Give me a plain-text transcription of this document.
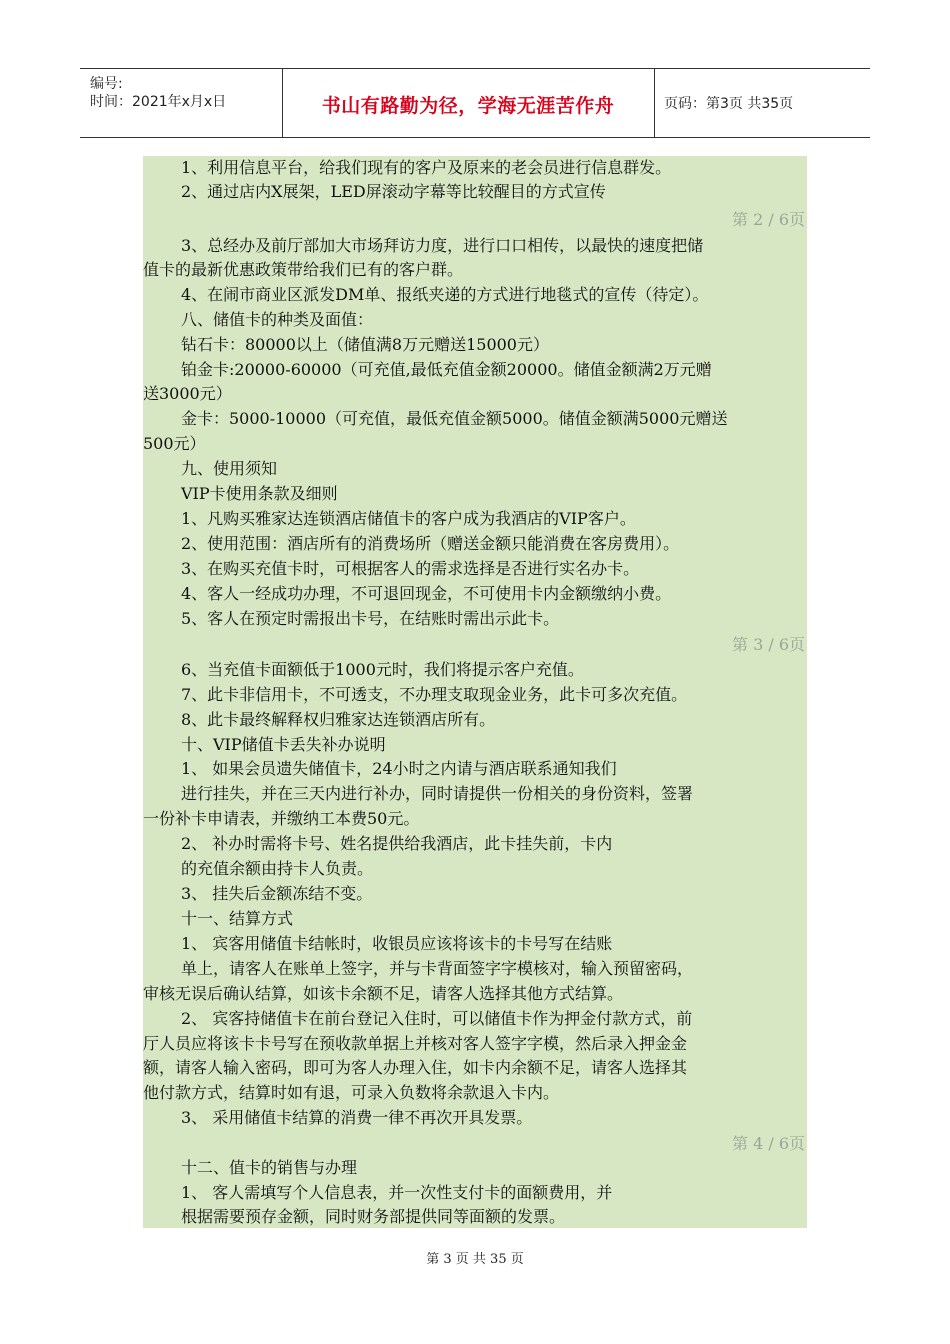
编号:
时间：2021年x月x日	书山有路勤为径，学海无涯苦作舟	页码：第3页 共35页
1、利用信息平台，给我们现有的客户及原来的老会员进行信息群发。
2、通过店内X展架，LED屏滚动字幕等比较醒目的方式宣传
第 2 / 6页
3、总经办及前厅部加大市场拜访力度，进行口口相传，以最快的速度把储
值卡的最新优惠政策带给我们已有的客户群。
4、在闹市商业区派发DM单、报纸夹递的方式进行地毯式的宣传（待定）。
八、储值卡的种类及面值：
钻石卡：80000以上（储值满8万元赠送15000元）
铂金卡:20000-60000（可充值,最低充值金额20000。储值金额满2万元赠
送3000元）
金卡：5000-10000（可充值，最低充值金额5000。储值金额满5000元赠送
500元）
九、使用须知
VIP卡使用条款及细则
1、凡购买雅家达连锁酒店储值卡的客户成为我酒店的VIP客户。
2、使用范围：酒店所有的消费场所（赠送金额只能消费在客房费用）。
3、在购买充值卡时，可根据客人的需求选择是否进行实名办卡。
4、客人一经成功办理，不可退回现金，不可使用卡内金额缴纳小费。
5、客人在预定时需报出卡号，在结账时需出示此卡。
第 3 / 6页
6、当充值卡面额低于1000元时，我们将提示客户充值。
7、此卡非信用卡，不可透支，不办理支取现金业务，此卡可多次充值。
8、此卡最终解释权归雅家达连锁酒店所有。
十、VIP储值卡丢失补办说明
1、 如果会员遗失储值卡，24小时之内请与酒店联系通知我们
进行挂失，并在三天内进行补办，同时请提供一份相关的身份资料，签署
一份补卡申请表，并缴纳工本费50元。
2、 补办时需将卡号、姓名提供给我酒店，此卡挂失前，卡内
的充值余额由持卡人负责。
3、 挂失后金额冻结不变。
十一、结算方式
1、 宾客用储值卡结帐时，收银员应该将该卡的卡号写在结账
单上，请客人在账单上签字，并与卡背面签字字模核对，输入预留密码，
审核无误后确认结算，如该卡余额不足，请客人选择其他方式结算。
2、 宾客持储值卡在前台登记入住时，可以储值卡作为押金付款方式，前
厅人员应将该卡卡号写在预收款单据上并核对客人签字字模，然后录入押金金
额，请客人输入密码，即可为客人办理入住，如卡内余额不足，请客人选择其
他付款方式，结算时如有退，可录入负数将余款退入卡内。
3、 采用储值卡结算的消费一律不再次开具发票。
第 4 / 6页
十二、值卡的销售与办理
1、 客人需填写个人信息表，并一次性支付卡的面额费用，并
根据需要预存金额，同时财务部提供同等面额的发票。
第 3 页 共 35 页
